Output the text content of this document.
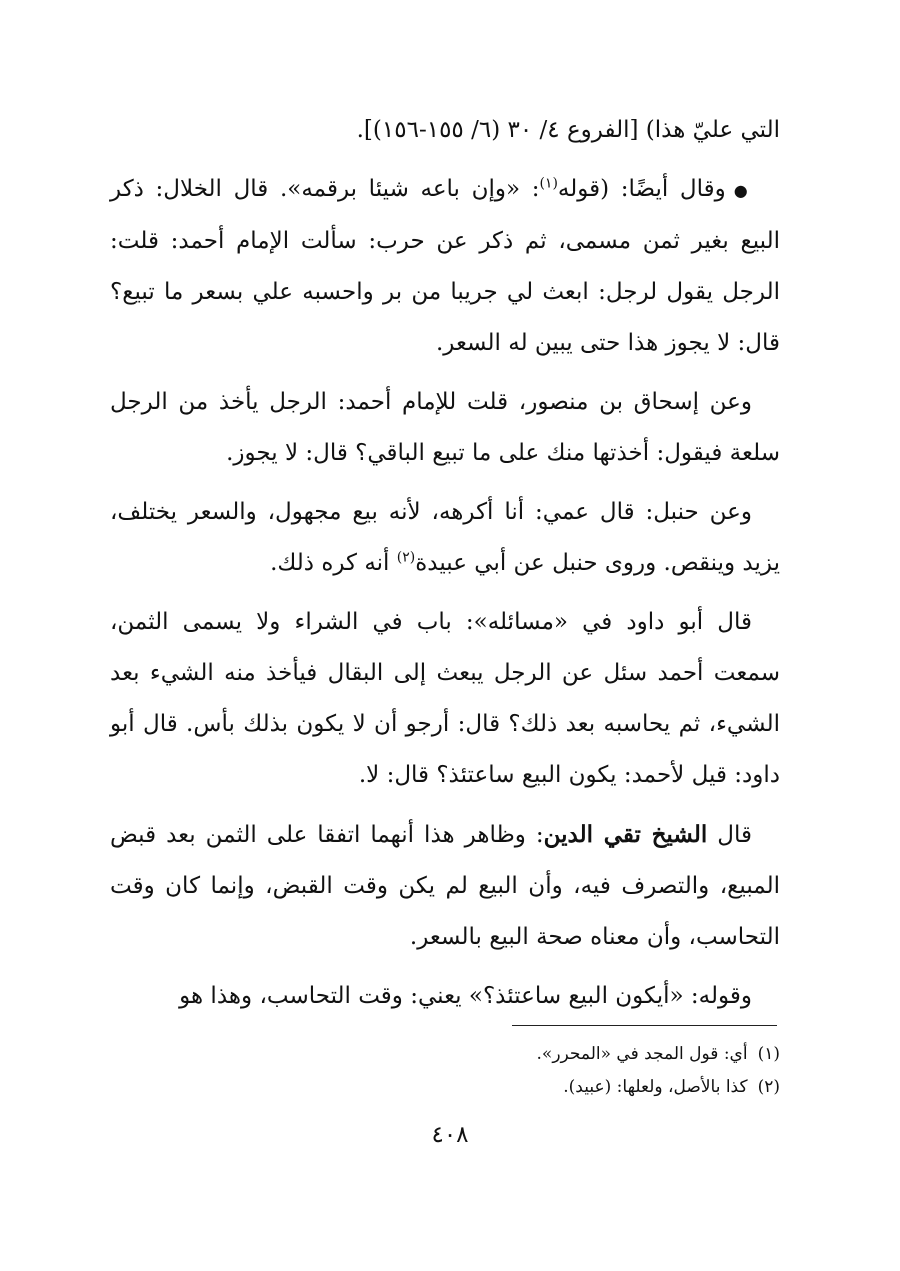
التي عليّ هذا) [الفروع ٤/ ٣٠ (٦/ ١٥٥-١٥٦)].

●وقال أيضًا: (قوله$^{(١)}$: «وإن باعه شيئا برقمه». قال الخلال: ذكر البيع بغير ثمن مسمى، ثم ذكر عن حرب: سألت الإمام أحمد: قلت: الرجل يقول لرجل: ابعث لي جريبا من بر واحسبه علي بسعر ما تبيع؟ قال: لا يجوز هذا حتى يبين له السعر.

وعن إسحاق بن منصور، قلت للإمام أحمد: الرجل يأخذ من الرجل سلعة فيقول: أخذتها منك على ما تبيع الباقي؟ قال: لا يجوز.

وعن حنبل: قال عمي: أنا أكرهه، لأنه بيع مجهول، والسعر يختلف، يزيد وينقص. وروى حنبل عن أبي عبيدة$^{(٢)}$ أنه كره ذلك.

قال أبو داود في «مسائله»: باب في الشراء ولا يسمى الثمن، سمعت أحمد سئل عن الرجل يبعث إلى البقال فيأخذ منه الشيء بعد الشيء، ثم يحاسبه بعد ذلك؟ قال: أرجو أن لا يكون بذلك بأس. قال أبو داود: قيل لأحمد: يكون البيع ساعتئذ؟ قال: لا.

قال الشيخ تقي الدين: وظاهر هذا أنهما اتفقا على الثمن بعد قبض المبيع، والتصرف فيه، وأن البيع لم يكن وقت القبض، وإنما كان وقت التحاسب، وأن معناه صحة البيع بالسعر.

وقوله: «أيكون البيع ساعتئذ؟» يعني: وقت التحاسب، وهذا هو

(١)أي: قول المجد في «المحرر».

(٢)كذا بالأصل، ولعلها: (عبيد).

٤٠٨
